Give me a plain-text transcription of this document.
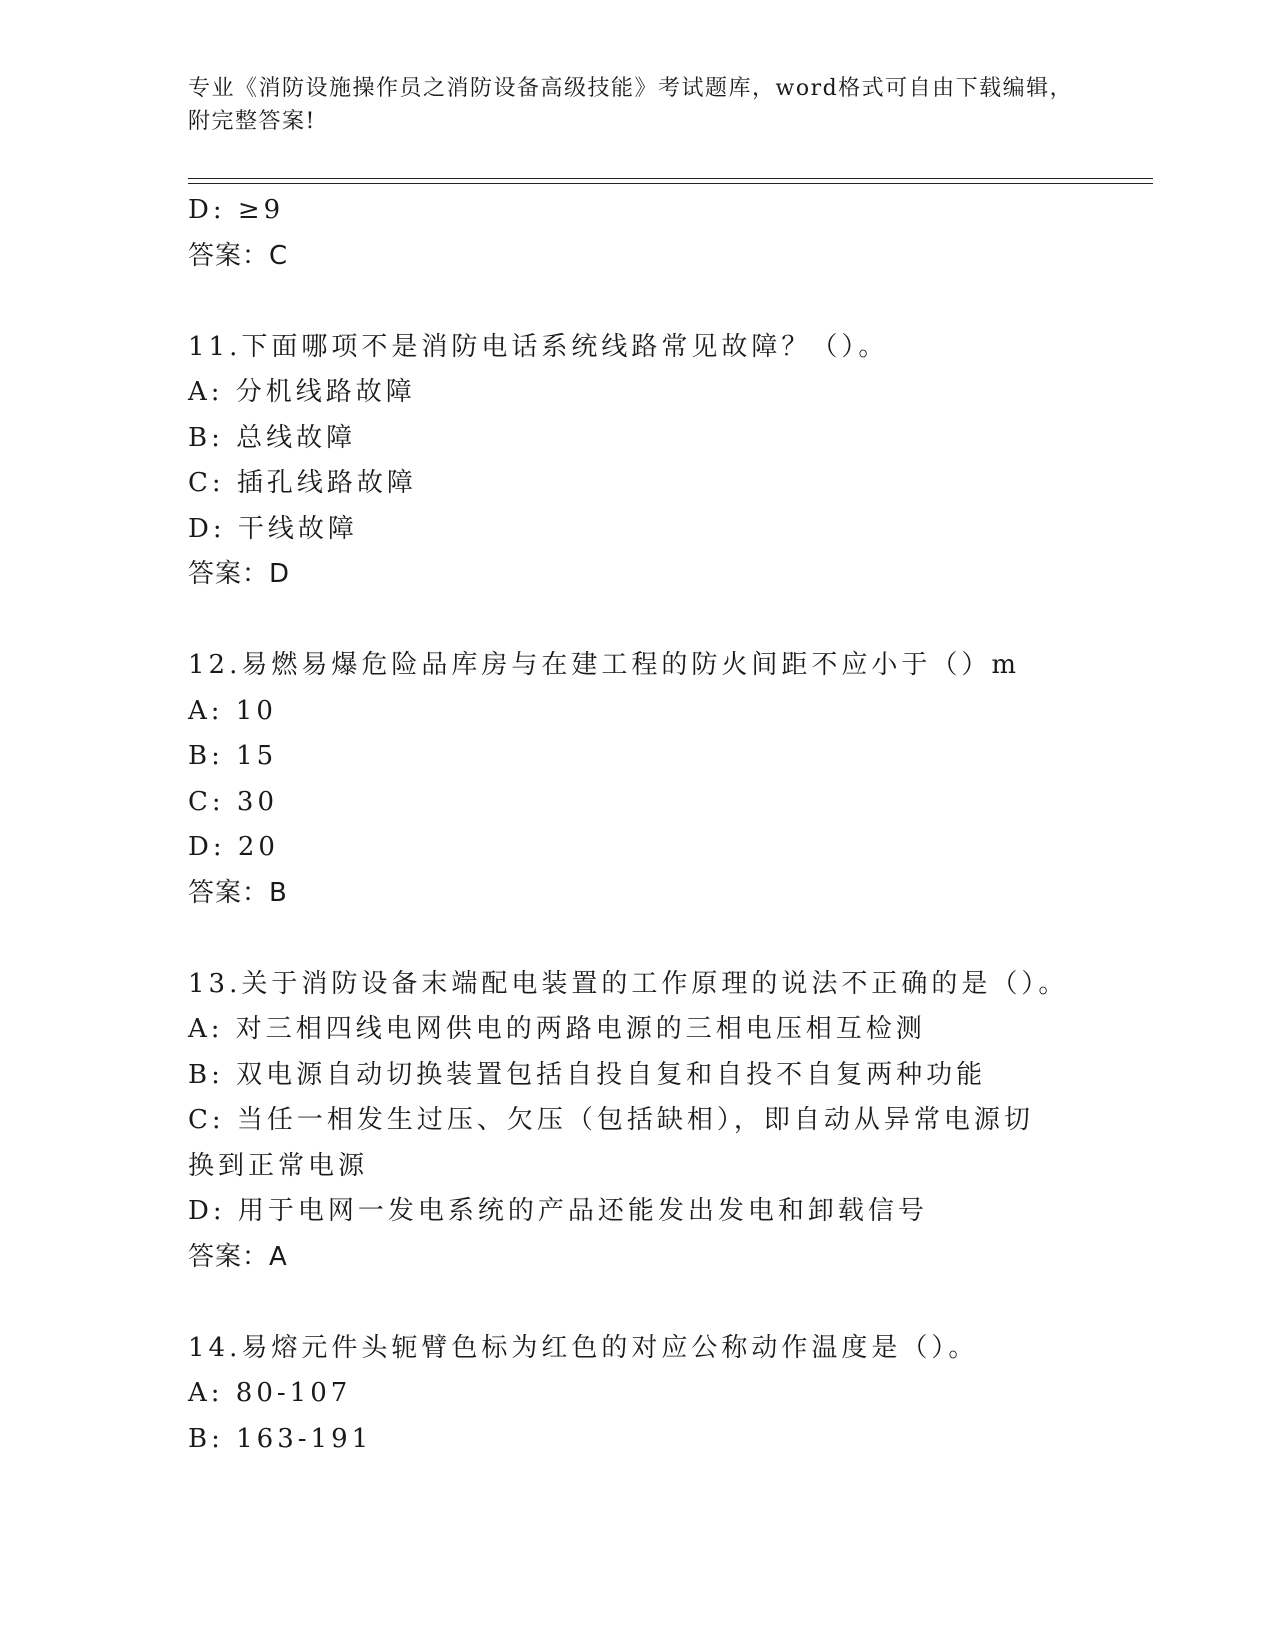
专业《消防设施操作员之消防设备高级技能》考试题库，word格式可自由下载编辑，附完整答案!
D: ≥9
答案：C
11.下面哪项不是消防电话系统线路常见故障？（）。
A: 分机线路故障
B: 总线故障
C: 插孔线路故障
D: 干线故障
答案：D
12.易燃易爆危险品库房与在建工程的防火间距不应小于（）m
A: 10
B: 15
C: 30
D: 20
答案：B
13.关于消防设备末端配电装置的工作原理的说法不正确的是（）。
A: 对三相四线电网供电的两路电源的三相电压相互检测
B: 双电源自动切换装置包括自投自复和自投不自复两种功能
C: 当任一相发生过压、欠压（包括缺相），即自动从异常电源切换到正常电源
D: 用于电网一发电系统的产品还能发出发电和卸载信号
答案：A
14.易熔元件头轭臂色标为红色的对应公称动作温度是（）。
A: 80-107
B: 163-191
